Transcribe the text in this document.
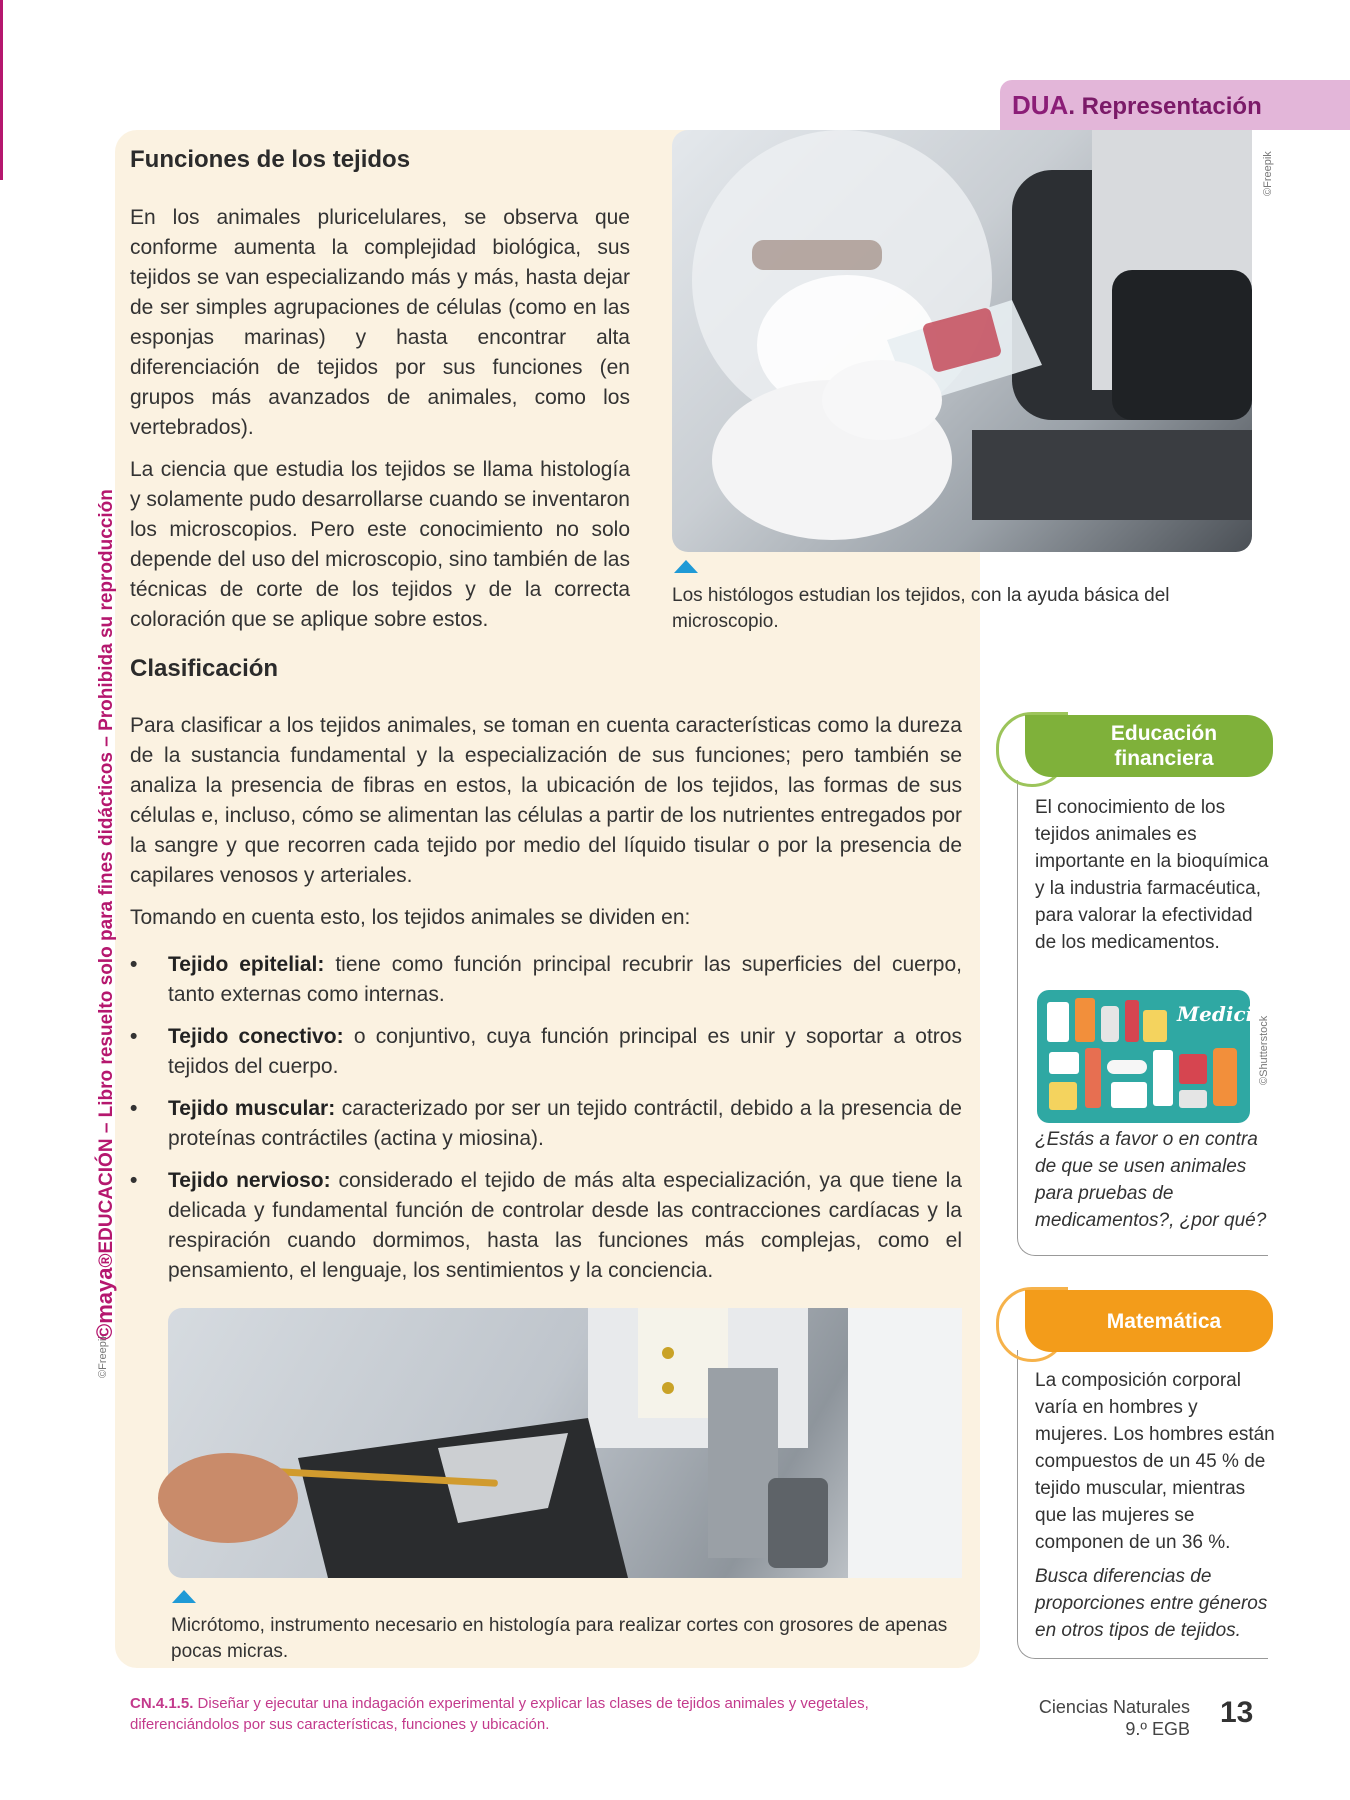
DUA. Representación
Funciones de los tejidos

En los animales pluricelulares, se observa que conforme aumenta la complejidad biológica, sus tejidos se van especializando más y más, hasta dejar de ser simples agrupaciones de células (como en las esponjas marinas) y hasta encontrar alta diferenciación de tejidos por sus funciones (en grupos más avanzados de animales, como los vertebrados).

La ciencia que estudia los tejidos se llama histología y solamente pudo desarrollarse cuando se inventaron los microscopios. Pero este conocimiento no solo depende del uso del microscopio, sino también de las técnicas de corte de los tejidos y de la correcta coloración que se aplique sobre estos.

©Freepik
Los histólogos estudian los tejidos, con la ayuda básica del microscopio.
Clasificación

Para clasificar a los tejidos animales, se toman en cuenta características como la dureza de la sustancia fundamental y la especialización de sus funciones; pero también se analiza la presencia de fibras en estos, la ubicación de los tejidos, las formas de sus células e, incluso, cómo se alimentan las células a partir de los nutrientes entregados por la sangre y que recorren cada tejido por medio del líquido tisular o por la presencia de capilares venosos y arteriales.

Tomando en cuenta esto, los tejidos animales se dividen en:

• Tejido epitelial: tiene como función principal recubrir las superficies del cuerpo, tanto externas como internas.
• Tejido conectivo: o conjuntivo, cuya función principal es unir y soportar a otros tejidos del cuerpo.
• Tejido muscular: caracterizado por ser un tejido contráctil, debido a la presencia de proteínas contráctiles (actina y miosina).
• Tejido nervioso: considerado el tejido de más alta especialización, ya que tiene la delicada y fundamental función de controlar desde las contracciones cardíacas y la respiración cuando dormimos, hasta las funciones más complejas, como el pensamiento, el lenguaje, los sentimientos y la conciencia.
©Freepik
Micrótomo, instrumento necesario en histología para realizar cortes con grosores de apenas pocas micras.
©maya®EDUCACIÓN – Libro resuelto solo para fines didácticos – Prohibida su reproducción	Educación financiera
El conocimiento de los tejidos animales es importante en la bioquímica y la industria farmacéutica, para valorar la efectividad de los medicamentos.
Medicine
©Shutterstock
¿Estás a favor o en contra de que se usen animales para pruebas de medicamentos?, ¿por qué?
Matemática
La composición corporal varía en hombres y mujeres. Los hombres están compuestos de un 45 % de tejido muscular, mientras que las mujeres se componen de un 36 %.
Busca diferencias de proporciones entre géneros en otros tipos de tejidos.
CN.4.1.5. Diseñar y ejecutar una indagación experimental y explicar las clases de tejidos animales y vegetales, diferenciándolos por sus características, funciones y ubicación.
Ciencias Naturales
9.º EGB 13
